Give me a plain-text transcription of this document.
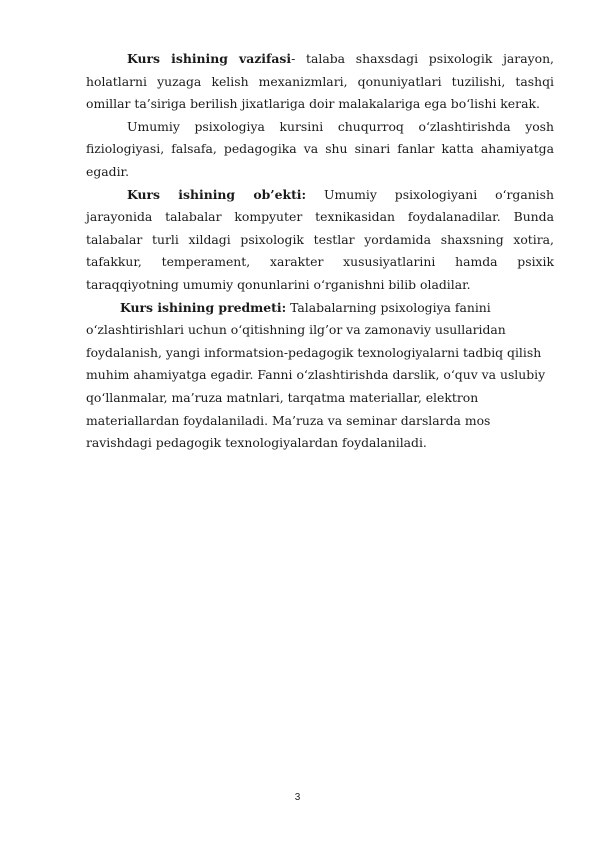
Kurs ishining vazifasi- talaba shaxsdagi psixologik jarayon, holatlarni yuzaga kelish mexanizmlari, qonuniyatlari tuzilishi, tashqi omillar ta’siriga berilish jixatlariga doir malakalariga ega bo‘lishi kerak.

Umumiy psixologiya kursini chuqurroq o‘zlashtirishda yosh fiziologiyasi, falsafa, pedagogika va shu sinari fanlar katta ahamiyatga egadir.

Kurs ishining ob’ekti: Umumiy psixologiyani o‘rganish jarayonida talabalar kompyuter texnikasidan foydalanadilar. Bunda talabalar turli xildagi psixologik testlar yordamida shaxsning xotira, tafakkur, temperament, xarakter xususiyatlarini hamda psixik taraqqiyotning umumiy qonunlarini o‘rganishni bilib oladilar.

Kurs ishining predmeti: Talabalarning psixologiya fanini o‘zlashtirishlari uchun o‘qitishning ilg’or va zamonaviy usullaridan foydalanish, yangi informatsion-pedagogik texnologiyalarni tadbiq qilish muhim ahamiyatga egadir. Fanni o‘zlashtirishda darslik, o‘quv va uslubiy qo‘llanmalar, ma’ruza matnlari, tarqatma materiallar, elektron materiallardan foydalaniladi. Ma’ruza va seminar darslarda mos ravishdagi pedagogik texnologiyalardan foydalaniladi.

3
